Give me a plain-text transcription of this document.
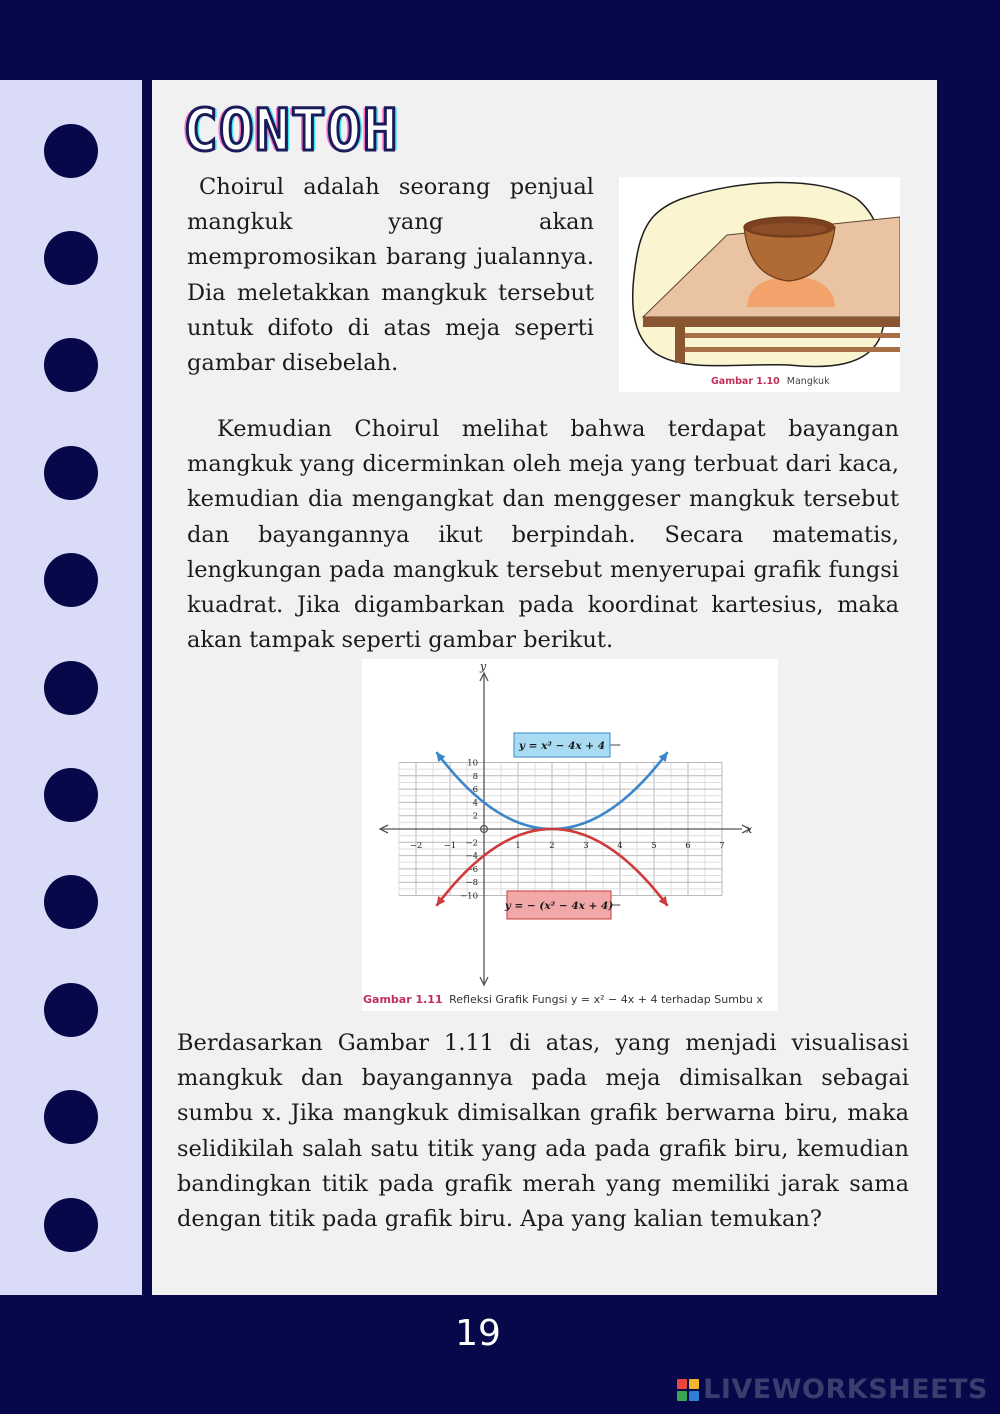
CONTOH

Choirul adalah seorang penjual mangkuk yang akan mempromosikan barang jualannya. Dia meletakkan mangkuk tersebut untuk difoto di atas meja seperti gambar disebelah.

Gambar 1.10 Mangkuk

Kemudian Choirul melihat bahwa terdapat bayangan mangkuk yang dicerminkan oleh meja yang terbuat dari kaca, kemudian dia mengangkat dan menggeser mangkuk tersebut dan bayangannya ikut berpindah. Secara matematis, lengkungan pada mangkuk tersebut menyerupai grafik fungsi kuadrat. Jika digambarkan pada koordinat kartesius, maka akan tampak seperti gambar berikut.

x
y
−2	−1	1	2	3	4	5	6	7
10
8
6
4
2
−2
−4
−6
−8
−10
y = x² − 4x + 4
y = − (x² − 4x + 4)
Gambar 1.11 Refleksi Grafik Fungsi y = x² − 4x + 4 terhadap Sumbu x

Berdasarkan Gambar 1.11 di atas, yang menjadi visualisasi mangkuk dan bayangannya pada meja dimisalkan sebagai sumbu x. Jika mangkuk dimisalkan grafik berwarna biru, maka selidikilah salah satu titik yang ada pada grafik biru, kemudian bandingkan titik pada grafik merah yang memiliki jarak sama dengan titik pada grafik biru. Apa yang kalian temukan?

19
LIVEWORKSHEETS
